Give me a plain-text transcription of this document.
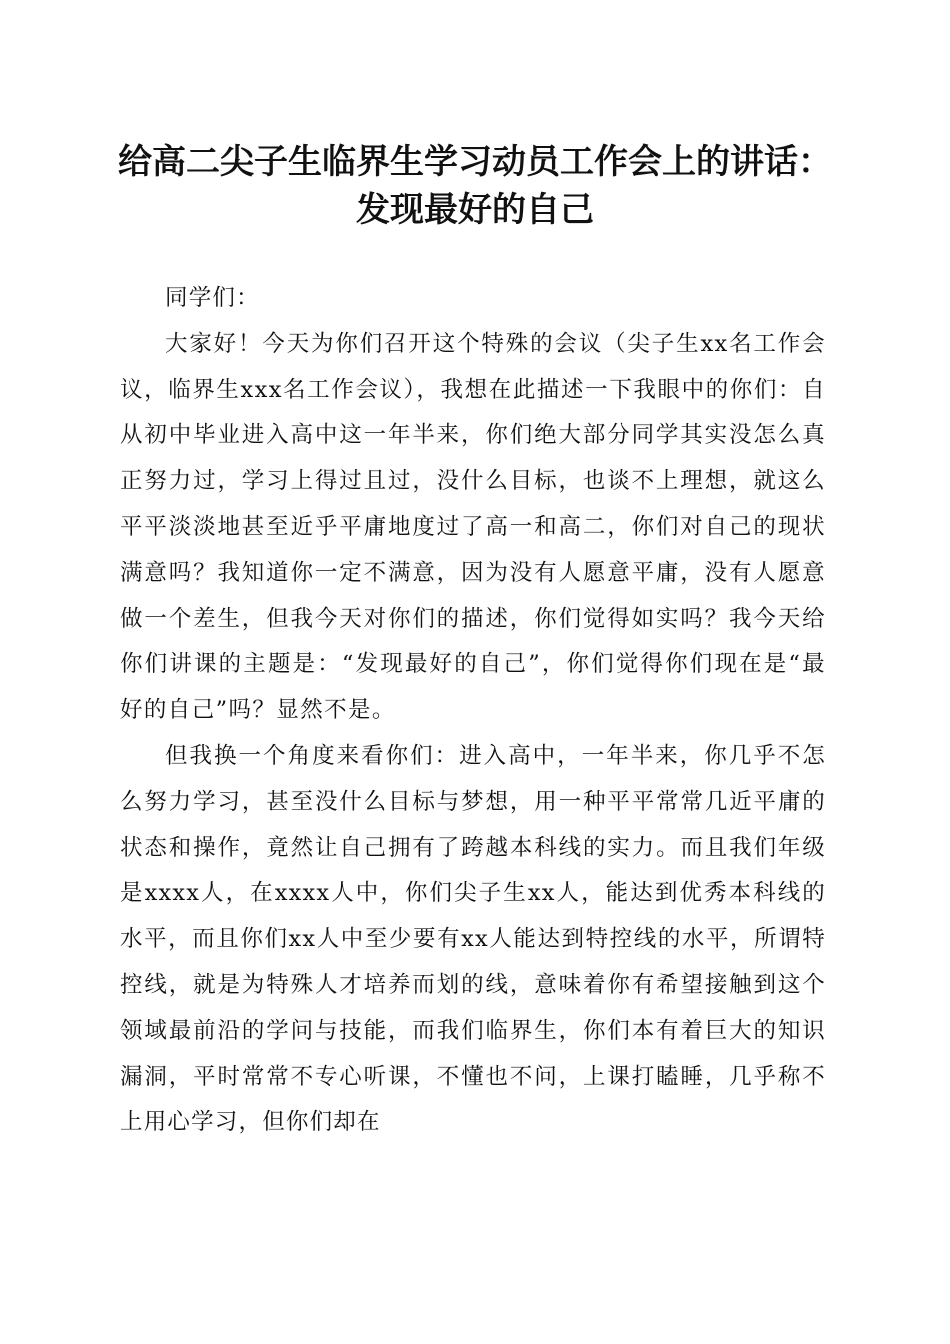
给高二尖子生临界生学习动员工作会上的讲话：
发现最好的自己

同学们：

大家好！今天为你们召开这个特殊的会议（尖子生xx名工作会议，临界生xxx名工作会议），我想在此描述一下我眼中的你们：自从初中毕业进入高中这一年半来，你们绝大部分同学其实没怎么真正努力过，学习上得过且过，没什么目标，也谈不上理想，就这么平平淡淡地甚至近乎平庸地度过了高一和高二，你们对自己的现状满意吗？我知道你一定不满意，因为没有人愿意平庸，没有人愿意做一个差生，但我今天对你们的描述，你们觉得如实吗？我今天给你们讲课的主题是：“发现最好的自己”，你们觉得你们现在是“最好的自己”吗？显然不是。

但我换一个角度来看你们：进入高中，一年半来，你几乎不怎么努力学习，甚至没什么目标与梦想，用一种平平常常几近平庸的状态和操作，竟然让自己拥有了跨越本科线的实力。而且我们年级是xxxx人，在xxxx人中，你们尖子生xx人，能达到优秀本科线的水平，而且你们xx人中至少要有xx人能达到特控线的水平，所谓特控线，就是为特殊人才培养而划的线，意味着你有希望接触到这个领域最前沿的学问与技能，而我们临界生，你们本有着巨大的知识漏洞，平时常常不专心听课，不懂也不问，上课打瞌睡，几乎称不上用心学习，但你们却在
